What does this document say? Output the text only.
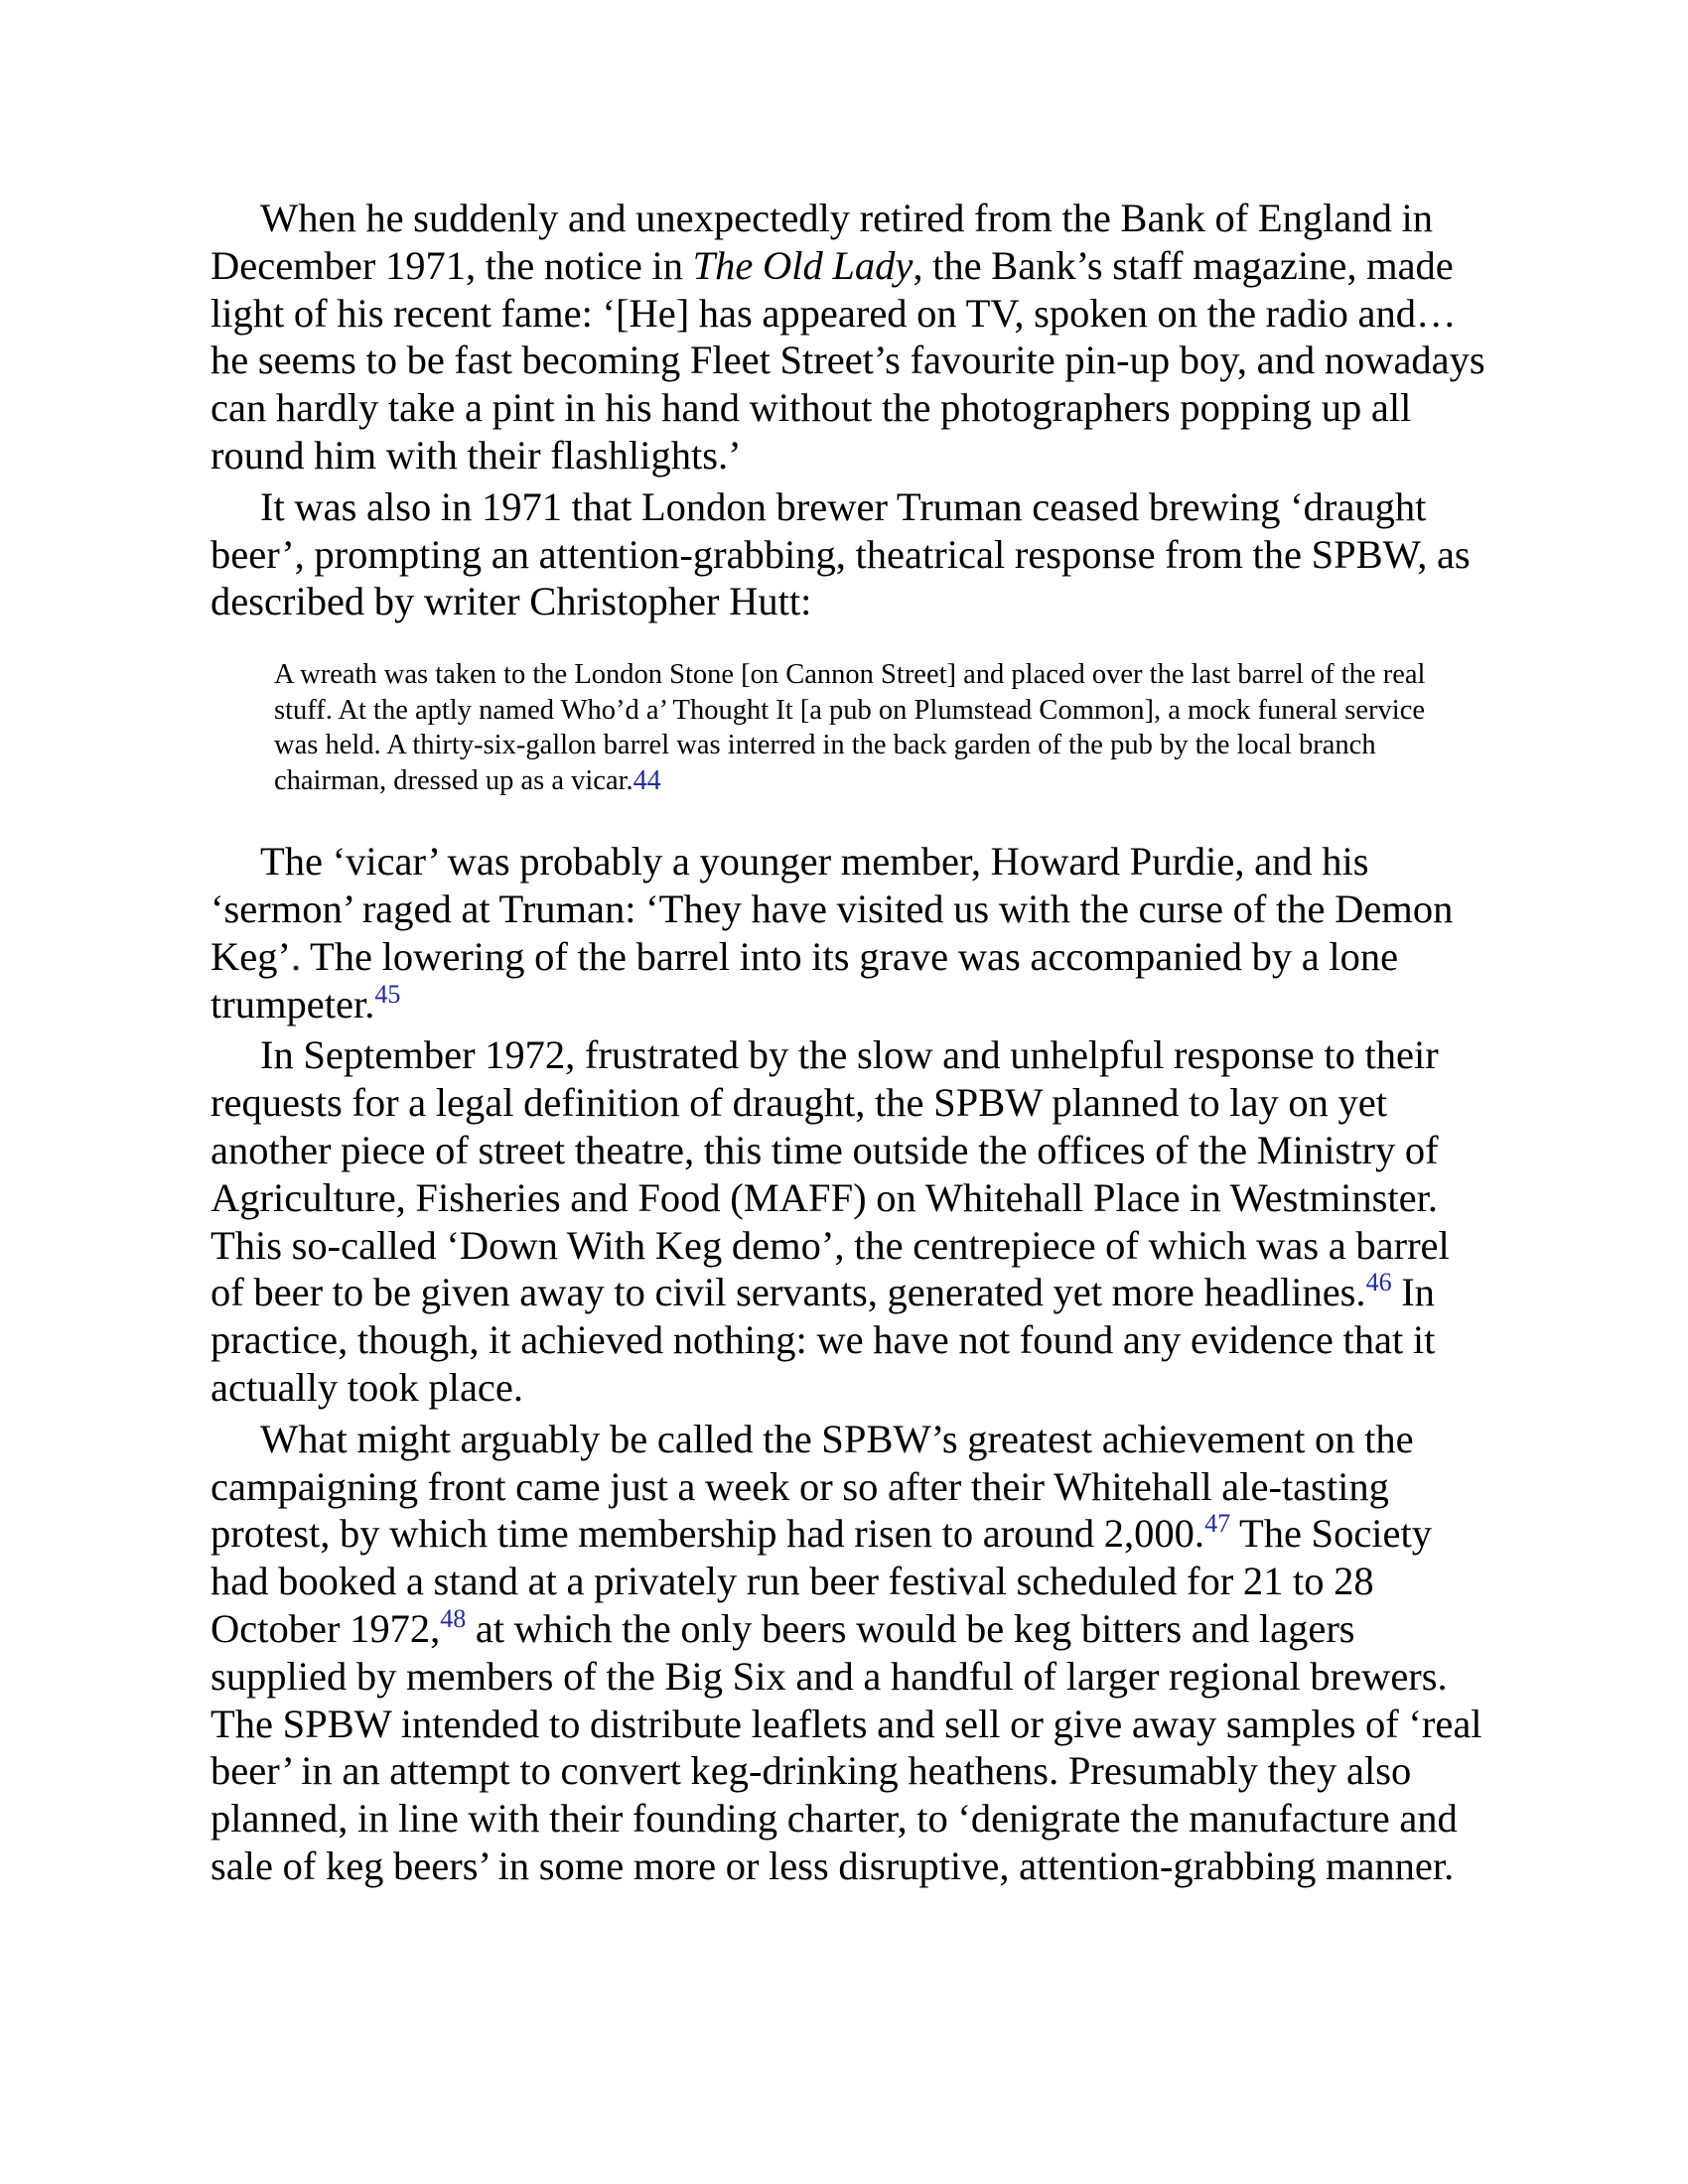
When he suddenly and unexpectedly retired from the Bank of England in December 1971, the notice in The Old Lady, the Bank’s staff magazine, made light of his recent fame: ‘[He] has appeared on TV, spoken on the radio and…he seems to be fast becoming Fleet Street’s favourite pin-up boy, and nowadays can hardly take a pint in his hand without the photographers popping up all round him with their flashlights.’

It was also in 1971 that London brewer Truman ceased brewing ‘draught beer’, prompting an attention-grabbing, theatrical response from the SPBW, as described by writer Christopher Hutt:

A wreath was taken to the London Stone [on Cannon Street] and placed over the last barrel of the real stuff. At the aptly named Who’d a’ Thought It [a pub on Plumstead Common], a mock funeral service was held. A thirty-six-gallon barrel was interred in the back garden of the pub by the local branch chairman, dressed up as a vicar.44

The ‘vicar’ was probably a younger member, Howard Purdie, and his ‘sermon’ raged at Truman: ‘They have visited us with the curse of the Demon Keg’. The lowering of the barrel into its grave was accompanied by a lone trumpeter.$^{45}$

In September 1972, frustrated by the slow and unhelpful response to their requests for a legal definition of draught, the SPBW planned to lay on yet another piece of street theatre, this time outside the offices of the Ministry of Agriculture, Fisheries and Food (MAFF) on Whitehall Place in Westminster. This so-called ‘Down With Keg demo’, the centrepiece of which was a barrel of beer to be given away to civil servants, generated yet more headlines.$^{46}$ In practice, though, it achieved nothing: we have not found any evidence that it actually took place.

What might arguably be called the SPBW’s greatest achievement on the campaigning front came just a week or so after their Whitehall ale-tasting protest, by which time membership had risen to around 2,000.47 The Society had booked a stand at a privately run beer festival scheduled for 21 to 28 October 1972,48 at which the only beers would be keg bitters and lagers supplied by members of the Big Six and a handful of larger regional brewers. The SPBW intended to distribute leaflets and sell or give away samples of ‘real beer’ in an attempt to convert keg-drinking heathens. Presumably they also planned, in line with their founding charter, to ‘denigrate the manufacture and sale of keg beers’ in some more or less disruptive, attention-grabbing manner.
